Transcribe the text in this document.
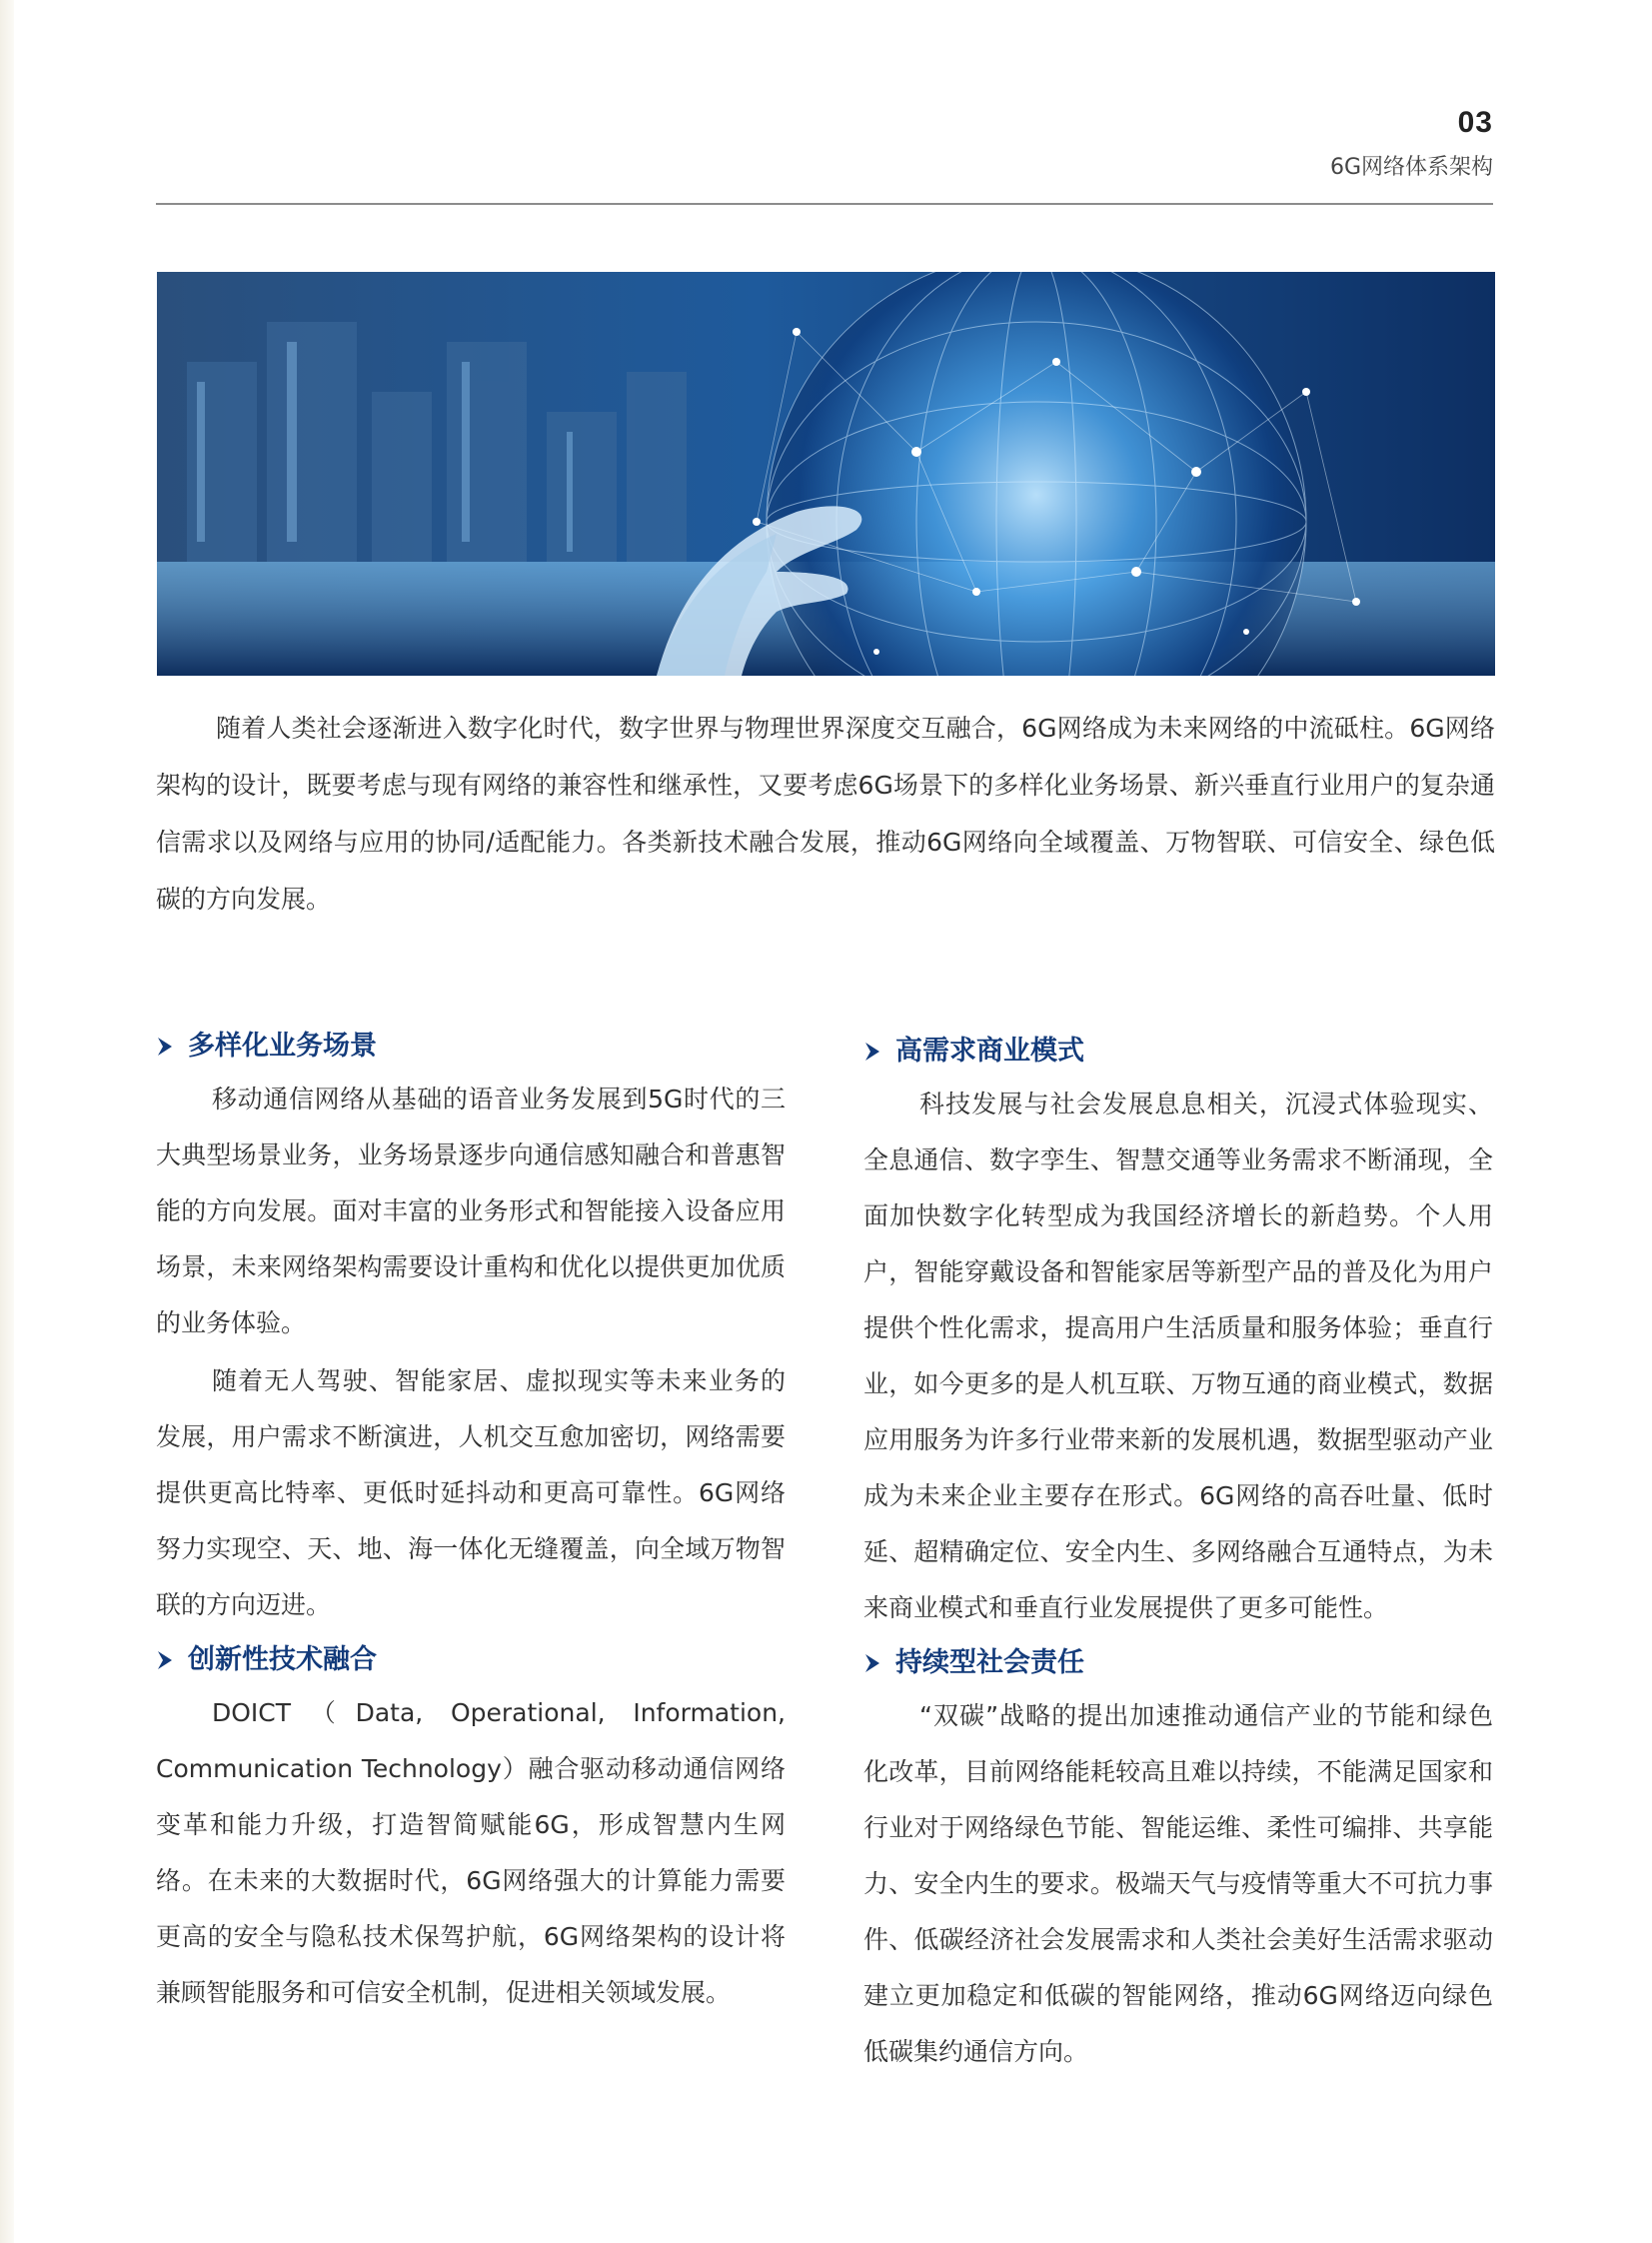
03
6G网络体系架构

随着人类社会逐渐进入数字化时代，数字世界与物理世界深度交互融合，6G网络成为未来网络的中流砥柱。6G网络架构的设计，既要考虑与现有网络的兼容性和继承性，又要考虑6G场景下的多样化业务场景、新兴垂直行业用户的复杂通信需求以及网络与应用的协同/适配能力。各类新技术融合发展，推动6G网络向全域覆盖、万物智联、可信安全、绿色低碳的方向发展。

多样化业务场景

移动通信网络从基础的语音业务发展到5G时代的三大典型场景业务，业务场景逐步向通信感知融合和普惠智能的方向发展。面对丰富的业务形式和智能接入设备应用场景，未来网络架构需要设计重构和优化以提供更加优质的业务体验。

随着无人驾驶、智能家居、虚拟现实等未来业务的发展，用户需求不断演进，人机交互愈加密切，网络需要提供更高比特率、更低时延抖动和更高可靠性。6G网络努力实现空、天、地、海一体化无缝覆盖，向全域万物智联的方向迈进。

创新性技术融合

DOICT（Data, Operational, Information, Communication Technology）融合驱动移动通信网络变革和能力升级，打造智简赋能6G，形成智慧内生网络。在未来的大数据时代，6G网络强大的计算能力需要更高的安全与隐私技术保驾护航，6G网络架构的设计将兼顾智能服务和可信安全机制，促进相关领域发展。

高需求商业模式

科技发展与社会发展息息相关，沉浸式体验现实、全息通信、数字孪生、智慧交通等业务需求不断涌现，全面加快数字化转型成为我国经济增长的新趋势。个人用户，智能穿戴设备和智能家居等新型产品的普及化为用户提供个性化需求，提高用户生活质量和服务体验；垂直行业，如今更多的是人机互联、万物互通的商业模式，数据应用服务为许多行业带来新的发展机遇，数据型驱动产业成为未来企业主要存在形式。6G网络的高吞吐量、低时延、超精确定位、安全内生、多网络融合互通特点，为未来商业模式和垂直行业发展提供了更多可能性。

持续型社会责任

“双碳”战略的提出加速推动通信产业的节能和绿色化改革，目前网络能耗较高且难以持续，不能满足国家和行业对于网络绿色节能、智能运维、柔性可编排、共享能力、安全内生的要求。极端天气与疫情等重大不可抗力事件、低碳经济社会发展需求和人类社会美好生活需求驱动建立更加稳定和低碳的智能网络，推动6G网络迈向绿色低碳集约通信方向。
